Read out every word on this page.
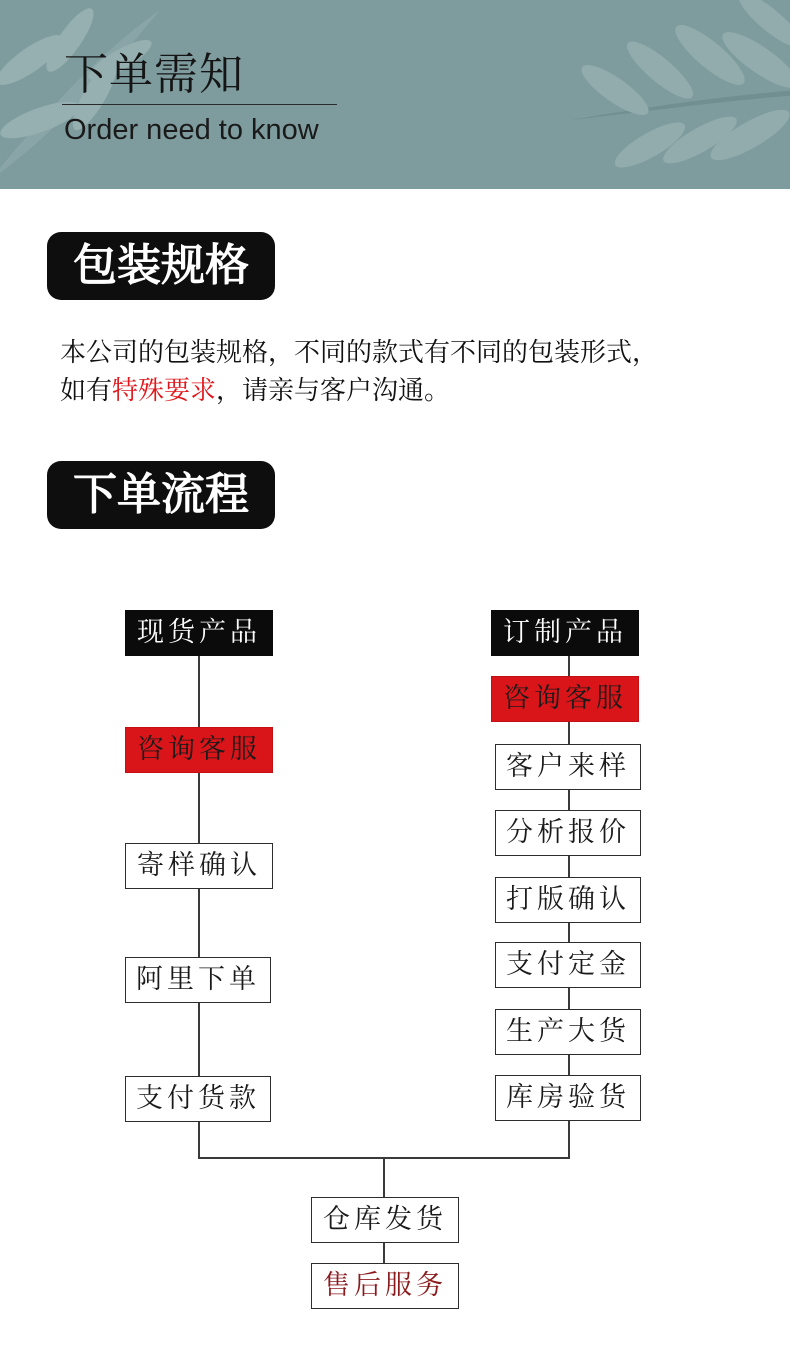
下单需知
Order need to know
包装规格
本公司的包装规格，不同的款式有不同的包装形式，
如有特殊要求，请亲与客户沟通。
下单流程
现货产品
咨询客服
寄样确认
阿里下单
支付货款
订制产品
咨询客服
客户来样
分析报价
打版确认
支付定金
生产大货
库房验货
仓库发货
售后服务
